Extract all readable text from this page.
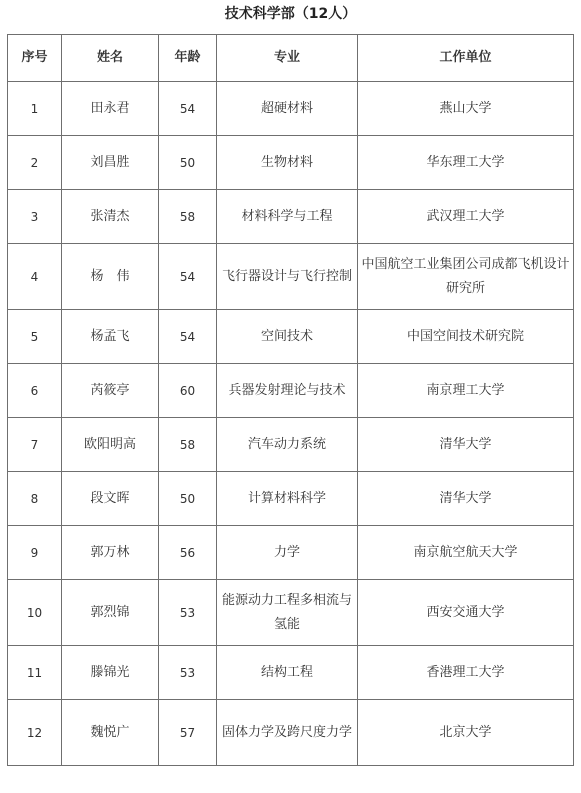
技术科学部（12人）
序号	姓名	年龄	专业	工作单位
1	田永君	54	超硬材料	燕山大学
2	刘昌胜	50	生物材料	华东理工大学
3	张清杰	58	材料科学与工程	武汉理工大学
4	杨　伟	54	飞行器设计与飞行控制	中国航空工业集团公司成都飞机设计研究所
5	杨孟飞	54	空间技术	中国空间技术研究院
6	芮筱亭	60	兵器发射理论与技术	南京理工大学
7	欧阳明高	58	汽车动力系统	清华大学
8	段文晖	50	计算材料科学	清华大学
9	郭万林	56	力学	南京航空航天大学
10	郭烈锦	53	能源动力工程多相流与氢能	西安交通大学
11	滕锦光	53	结构工程	香港理工大学
12	魏悦广	57	固体力学及跨尺度力学	北京大学
